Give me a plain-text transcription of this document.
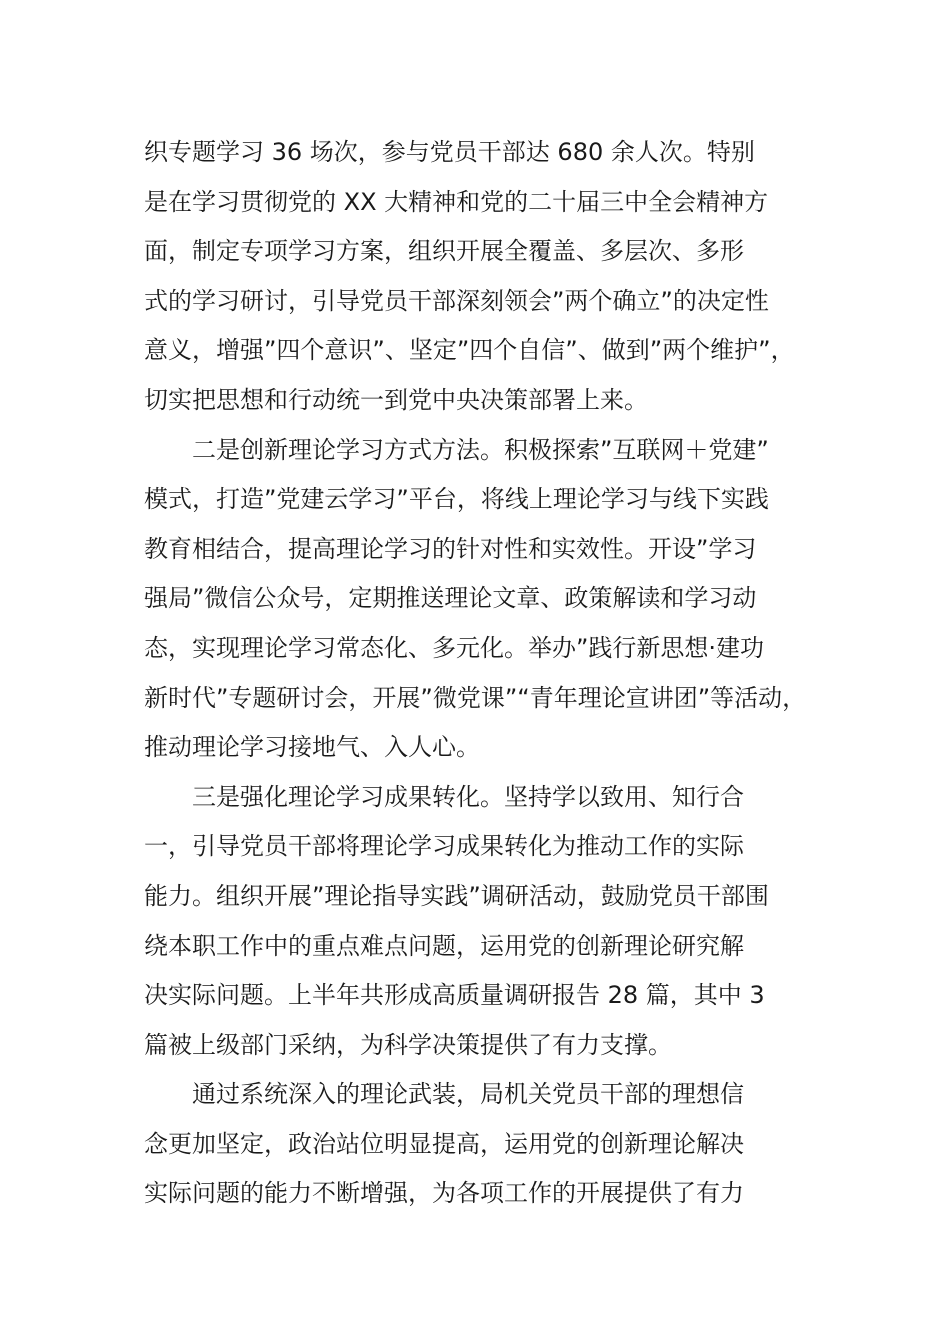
织专题学习 36 场次，参与党员干部达 680 余人次。特别
是在学习贯彻党的 XX 大精神和党的二十届三中全会精神方
面，制定专项学习方案，组织开展全覆盖、多层次、多形
式的学习研讨，引导党员干部深刻领会”两个确立”的决定性
意义，增强”四个意识”、坚定”四个自信”、做到”两个维护”，
切实把思想和行动统一到党中央决策部署上来。
二是创新理论学习方式方法。积极探索”互联网＋党建”
模式，打造”党建云学习”平台，将线上理论学习与线下实践
教育相结合，提高理论学习的针对性和实效性。开设”学习
强局”微信公众号，定期推送理论文章、政策解读和学习动
态，实现理论学习常态化、多元化。举办”践行新思想·建功
新时代”专题研讨会，开展”微党课”“青年理论宣讲团”等活动，
推动理论学习接地气、入人心。
三是强化理论学习成果转化。坚持学以致用、知行合
一，引导党员干部将理论学习成果转化为推动工作的实际
能力。组织开展”理论指导实践”调研活动，鼓励党员干部围
绕本职工作中的重点难点问题，运用党的创新理论研究解
决实际问题。上半年共形成高质量调研报告 28 篇，其中 3
篇被上级部门采纳，为科学决策提供了有力支撑。
通过系统深入的理论武装，局机关党员干部的理想信
念更加坚定，政治站位明显提高，运用党的创新理论解决
实际问题的能力不断增强，为各项工作的开展提供了有力
